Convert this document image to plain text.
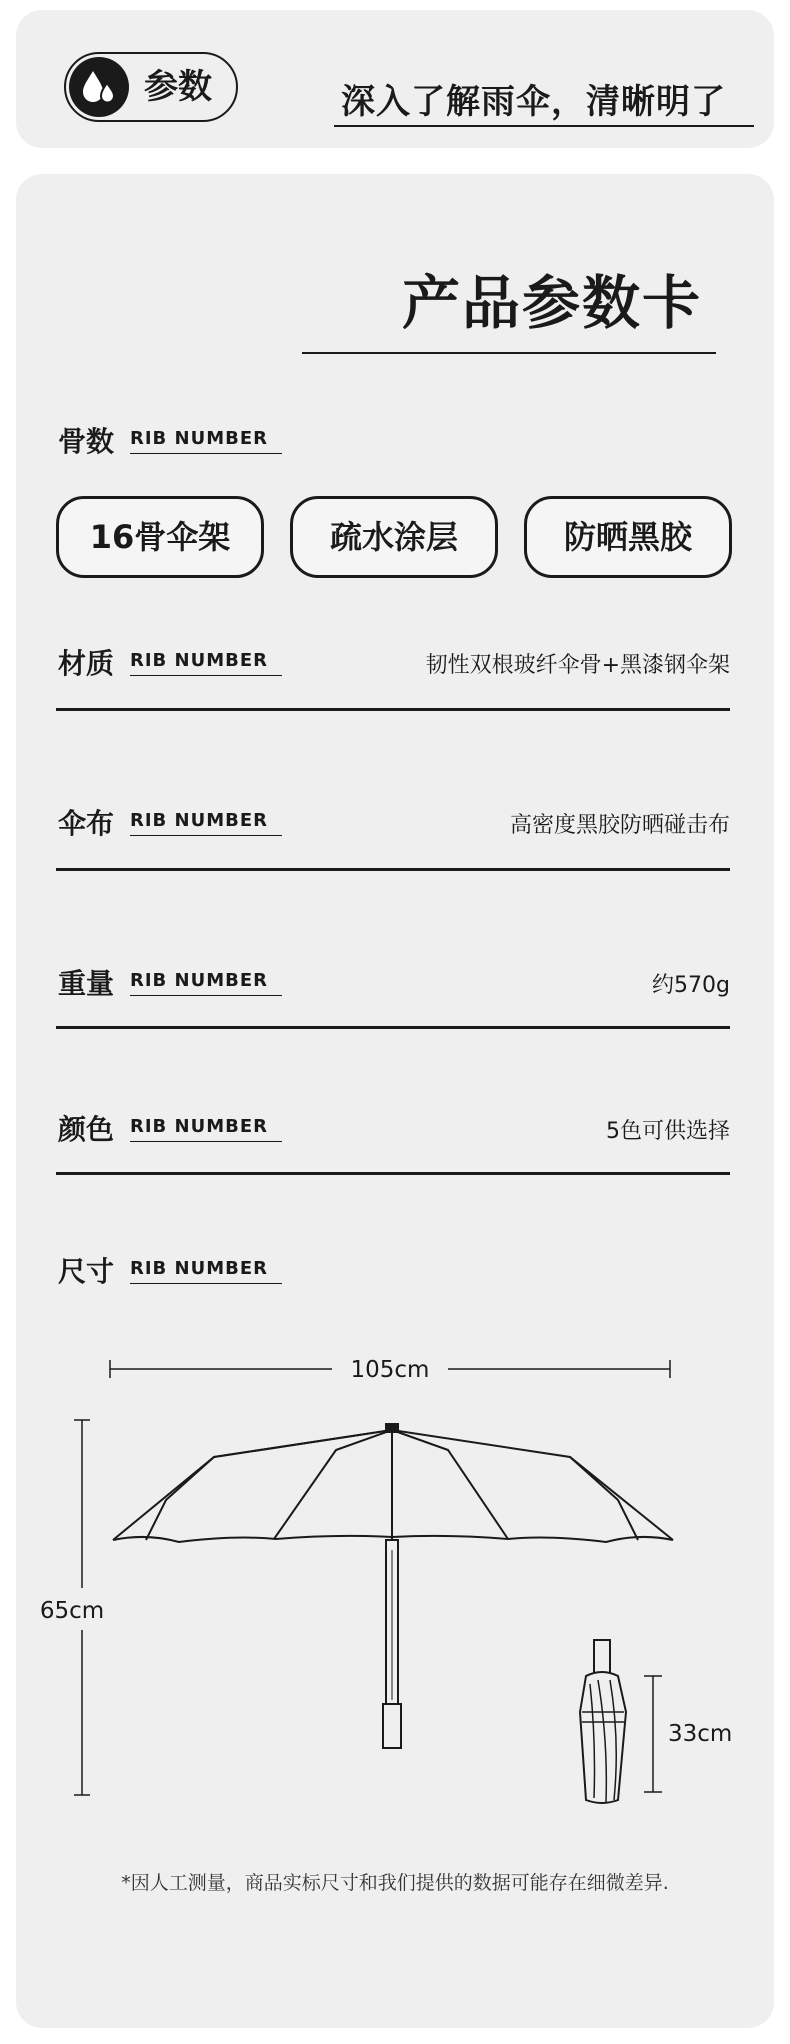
参数	深入了解雨伞，清晰明了
产品参数卡
骨数 RIB NUMBER
16骨伞架	疏水涂层	防晒黑胶
材质 RIB NUMBER	韧性双根玻纤伞骨+黑漆钢伞架
伞布 RIB NUMBER	高密度黑胶防晒碰击布
重量 RIB NUMBER	约570g
颜色 RIB NUMBER	5色可供选择
尺寸 RIB NUMBER
105cm
65cm
33cm
*因人工测量，商品实标尺寸和我们提供的数据可能存在细微差异.
